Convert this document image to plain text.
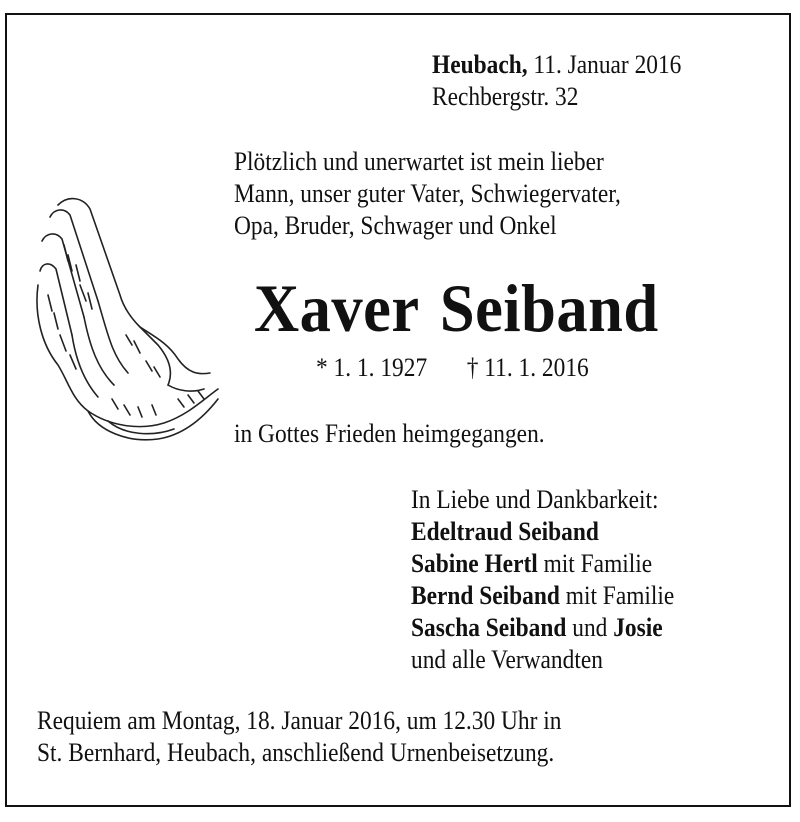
Heubach, 11. Januar 2016
Rechbergstr. 32
Plötzlich und unerwartet ist mein lieber
Mann, unser guter Vater, Schwiegervater,
Opa, Bruder, Schwager und Onkel
Xaver Seiband
* 1. 1. 1927 † 11. 1. 2016
in Gottes Frieden heimgegangen.
In Liebe und Dankbarkeit:
Edeltraud Seiband
Sabine Hertl mit Familie
Bernd Seiband mit Familie
Sascha Seiband und Josie
und alle Verwandten
Requiem am Montag, 18. Januar 2016, um 12.30 Uhr in
St. Bernhard, Heubach, anschließend Urnenbeisetzung.
